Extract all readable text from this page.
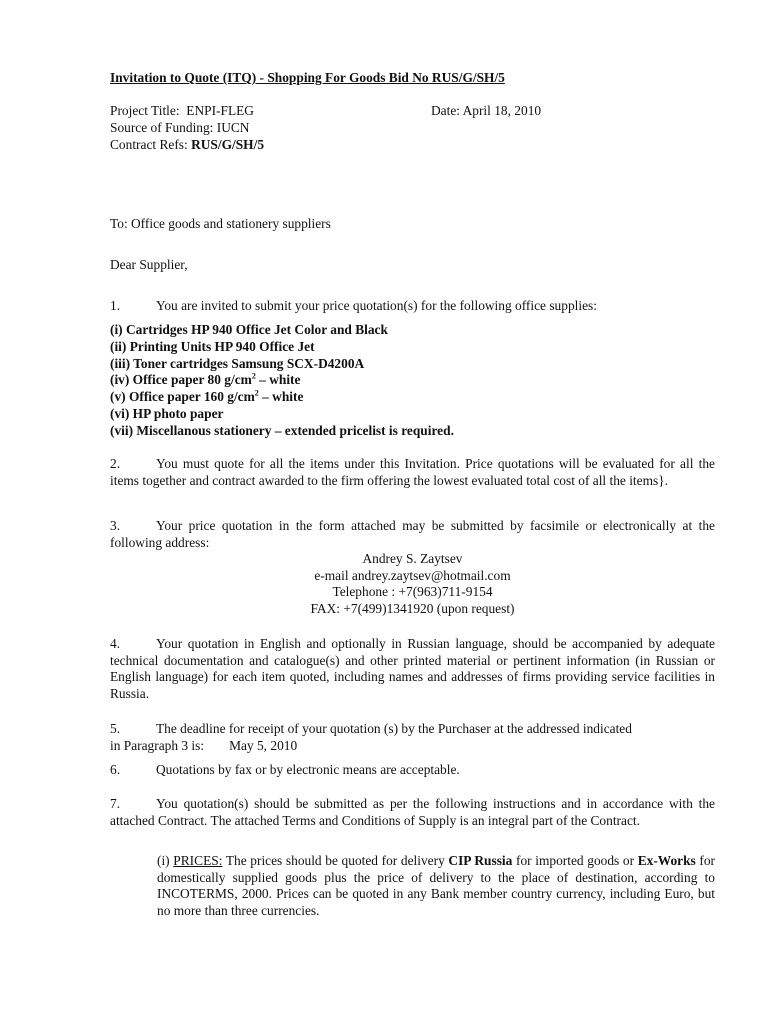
Invitation to Quote (ITQ) - Shopping For Goods Bid No RUS/G/SH/5
Project Title: ENPI-FLEG	Date: April 18, 2010
Source of Funding: IUCN
Contract Refs: RUS/G/SH/5
To: Office goods and stationery suppliers
Dear Supplier,
1.	You are invited to submit your price quotation(s) for the following office supplies:
(i) Cartridges HP 940 Office Jet Color and Black
(ii) Printing Units HP 940 Office Jet
(iii) Toner cartridges Samsung SCX-D4200A
(iv) Office paper 80 $g/cm^2$ – white
(v) Office paper 160 $g/cm^2$ – white
(vi) HP photo paper
(vii) Miscellanous stationery – extended pricelist is required.
2.	You must quote for all the items under this Invitation. Price quotations will be evaluated for all the items together and contract awarded to the firm offering the lowest evaluated total cost of all the items}.
3.	Your price quotation in the form attached may be submitted by facsimile or electronically at the following address:
Andrey S. Zaytsev
e-mail andrey.zaytsev@hotmail.com
Telephone : +7(963)711-9154
FAX: +7(499)1341920 (upon request)
4.	Your quotation in English and optionally in Russian language, should be accompanied by adequate technical documentation and catalogue(s) and other printed material or pertinent information (in Russian or English language) for each item quoted, including names and addresses of firms providing service facilities in Russia.
5.	The deadline for receipt of your quotation (s) by the Purchaser at the addressed indicated
in Paragraph 3 is: May 5, 2010
6.	Quotations by fax or by electronic means are acceptable.
7.	You quotation(s) should be submitted as per the following instructions and in accordance with the attached Contract. The attached Terms and Conditions of Supply is an integral part of the Contract.
(i) PRICES: The prices should be quoted for delivery CIP Russia for imported goods or Ex-Works for domestically supplied goods plus the price of delivery to the place of destination, according to INCOTERMS, 2000. Prices can be quoted in any Bank member country currency, including Euro, but no more than three currencies.
